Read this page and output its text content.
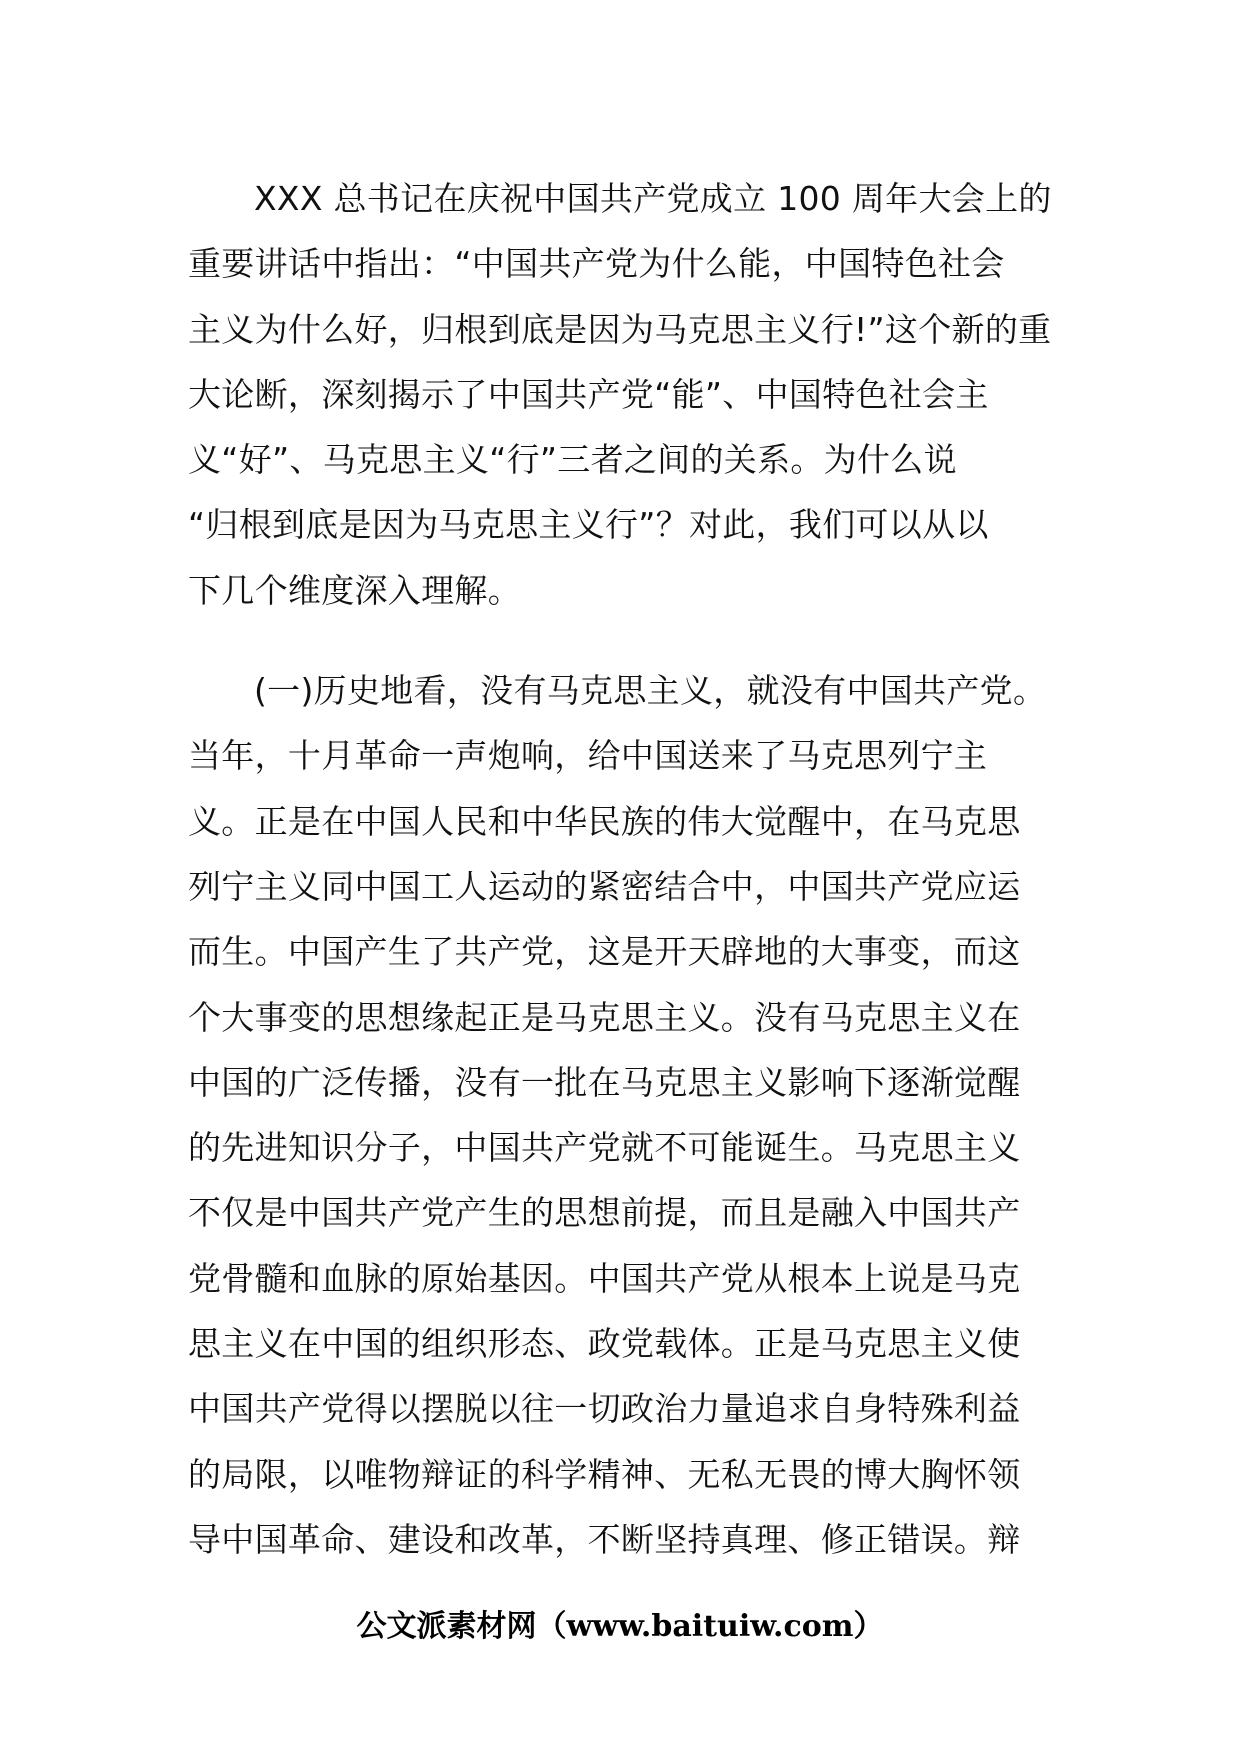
XXX 总书记在庆祝中国共产党成立 100 周年大会上的
重要讲话中指出：“中国共产党为什么能，中国特色社会
主义为什么好，归根到底是因为马克思主义行!”这个新的重
大论断，深刻揭示了中国共产党“能”、中国特色社会主
义“好”、马克思主义“行”三者之间的关系。为什么说
“归根到底是因为马克思主义行”？对此，我们可以从以
下几个维度深入理解。
(一)历史地看，没有马克思主义，就没有中国共产党。
当年，十月革命一声炮响，给中国送来了马克思列宁主
义。正是在中国人民和中华民族的伟大觉醒中，在马克思
列宁主义同中国工人运动的紧密结合中，中国共产党应运
而生。中国产生了共产党，这是开天辟地的大事变，而这
个大事变的思想缘起正是马克思主义。没有马克思主义在
中国的广泛传播，没有一批在马克思主义影响下逐渐觉醒
的先进知识分子，中国共产党就不可能诞生。马克思主义
不仅是中国共产党产生的思想前提，而且是融入中国共产
党骨髓和血脉的原始基因。中国共产党从根本上说是马克
思主义在中国的组织形态、政党载体。正是马克思主义使
中国共产党得以摆脱以往一切政治力量追求自身特殊利益
的局限，以唯物辩证的科学精神、无私无畏的博大胸怀领
导中国革命、建设和改革，不断坚持真理、修正错误。辩
公文派素材网（www.baituiw.com）
